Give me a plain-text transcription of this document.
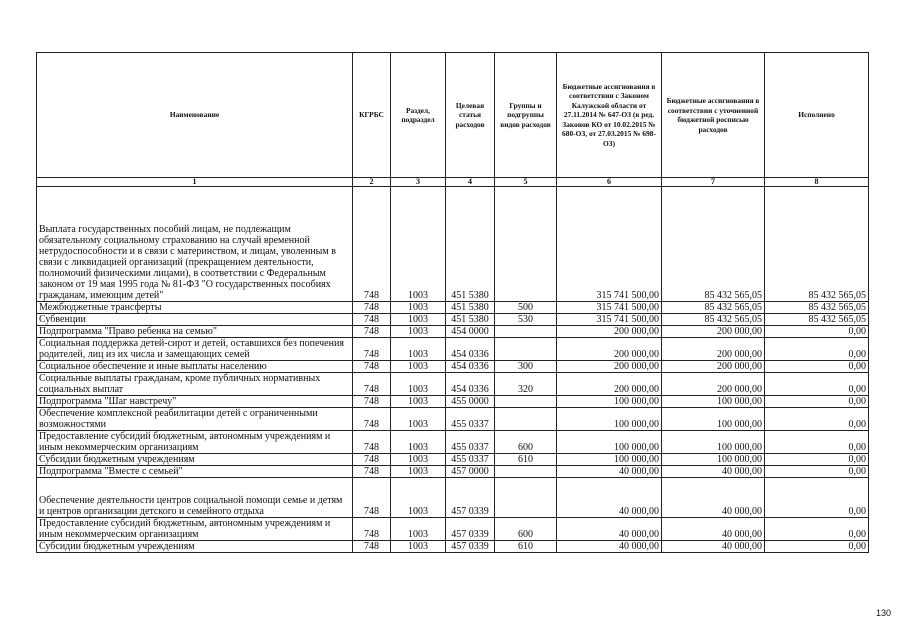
Наименование	КГРБС	Раздел, подраздел	Целевая статья расходов	Группы и подгруппы видов расходов	Бюджетные ассигнования в соответствии с Законом Калужской области от 27.11.2014 № 647-ОЗ (в ред. Законов КО от 10.02.2015 № 680-ОЗ, от 27.03.2015 № 698-ОЗ)	Бюджетные ассигнования в соответствии с уточненной бюджетной росписью расходов	Исполнено
1	2	3	4	5	6	7	8
Выплата государственных пособий лицам, не подлежащим обязательному социальному страхованию на случай временной нетрудоспособности и в связи с материнством, и лицам, уволенным в связи с ликвидацией организаций (прекращением деятельности, полномочий физическими лицами), в соответствии с Федеральным законом от 19 мая 1995 года № 81-ФЗ "О государственных пособиях гражданам, имеющим детей"	748	1003	451 5380		315 741 500,00	85 432 565,05	85 432 565,05
Межбюджетные трансферты	748	1003	451 5380	500	315 741 500,00	85 432 565,05	85 432 565,05
Субвенции	748	1003	451 5380	530	315 741 500,00	85 432 565,05	85 432 565,05
Подпрограмма "Право ребенка на семью"	748	1003	454 0000		200 000,00	200 000,00	0,00
Социальная поддержка детей-сирот и детей, оставшихся без попечения родителей, лиц из их числа и замещающих семей	748	1003	454 0336		200 000,00	200 000,00	0,00
Социальное обеспечение и иные выплаты населению	748	1003	454 0336	300	200 000,00	200 000,00	0,00
Социальные выплаты гражданам, кроме публичных нормативных социальных выплат	748	1003	454 0336	320	200 000,00	200 000,00	0,00
Подпрограмма "Шаг навстречу"	748	1003	455 0000		100 000,00	100 000,00	0,00
Обеспечение комплексной реабилитации детей с ограниченными возможностями	748	1003	455 0337		100 000,00	100 000,00	0,00
Предоставление субсидий бюджетным, автономным учреждениям и иным некоммерческим организациям	748	1003	455 0337	600	100 000,00	100 000,00	0,00
Субсидии бюджетным учреждениям	748	1003	455 0337	610	100 000,00	100 000,00	0,00
Подпрограмма "Вместе с семьей"	748	1003	457 0000		40 000,00	40 000,00	0,00
Обеспечение деятельности центров социальной помощи семье и детям и центров организации детского и семейного отдыха	748	1003	457 0339		40 000,00	40 000,00	0,00
Предоставление субсидий бюджетным, автономным учреждениям и иным некоммерческим организациям	748	1003	457 0339	600	40 000,00	40 000,00	0,00
Субсидии бюджетным учреждениям	748	1003	457 0339	610	40 000,00	40 000,00	0,00
130
